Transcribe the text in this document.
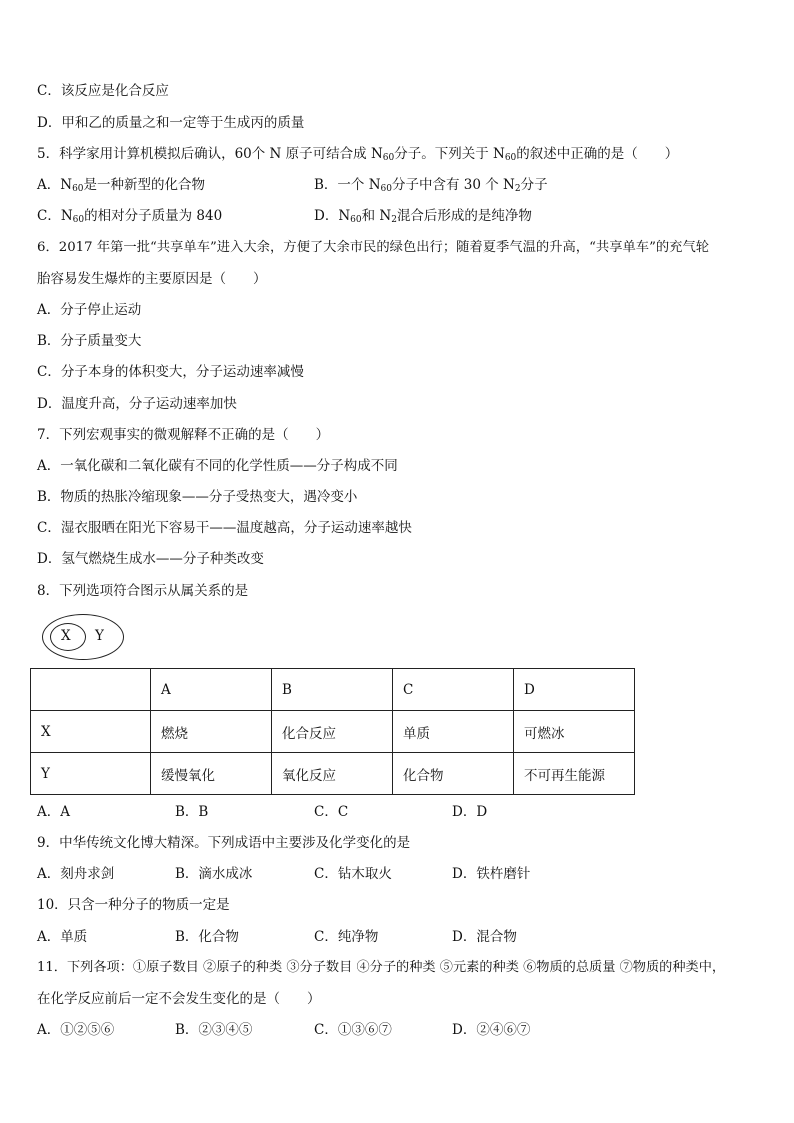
C．该反应是化合反应
D．甲和乙的质量之和一定等于生成丙的质量
5．科学家用计算机模拟后确认，60个 N 原子可结合成 $N_{60}$分子。下列关于 $N_{60}$的叙述中正确的是（　　）
A．$N_{60}$是一种新型的化合物	B．一个 $N_{60}$分子中含有 30 个 $N_2$分子
C．$N_{60}$的相对分子质量为 840	D．$N_{60}$和 $N_2$混合后形成的是纯净物
6．2017 年第一批“共享单车”进入大余，方便了大余市民的绿色出行；随着夏季气温的升高，“共享单车”的充气轮
胎容易发生爆炸的主要原因是（　　）
A．分子停止运动
B．分子质量变大
C．分子本身的体积变大，分子运动速率减慢
D．温度升高，分子运动速率加快
7．下列宏观事实的微观解释不正确的是（　　）
A．一氧化碳和二氧化碳有不同的化学性质——分子构成不同
B．物质的热胀冷缩现象——分子受热变大，遇冷变小
C．湿衣服晒在阳光下容易干——温度越高，分子运动速率越快
D．氢气燃烧生成水——分子种类改变
8．下列选项符合图示从属关系的是
X Y
	A	B	C	D
X	燃烧	化合反应	单质	可燃冰
Y	缓慢氧化	氧化反应	化合物	不可再生能源
A．A	B．B	C．C	D．D
9．中华传统文化博大精深。下列成语中主要涉及化学变化的是
A．刻舟求剑	B．滴水成冰	C．钻木取火	D．铁杵磨针
10．只含一种分子的物质一定是
A．单质	B．化合物	C．纯净物	D．混合物
11．下列各项：①原子数目 ②原子的种类 ③分子数目 ④分子的种类 ⑤元素的种类 ⑥物质的总质量 ⑦物质的种类中，
在化学反应前后一定不会发生变化的是（　　）
A．①②⑤⑥	B．②③④⑤	C．①③⑥⑦	D．②④⑥⑦
